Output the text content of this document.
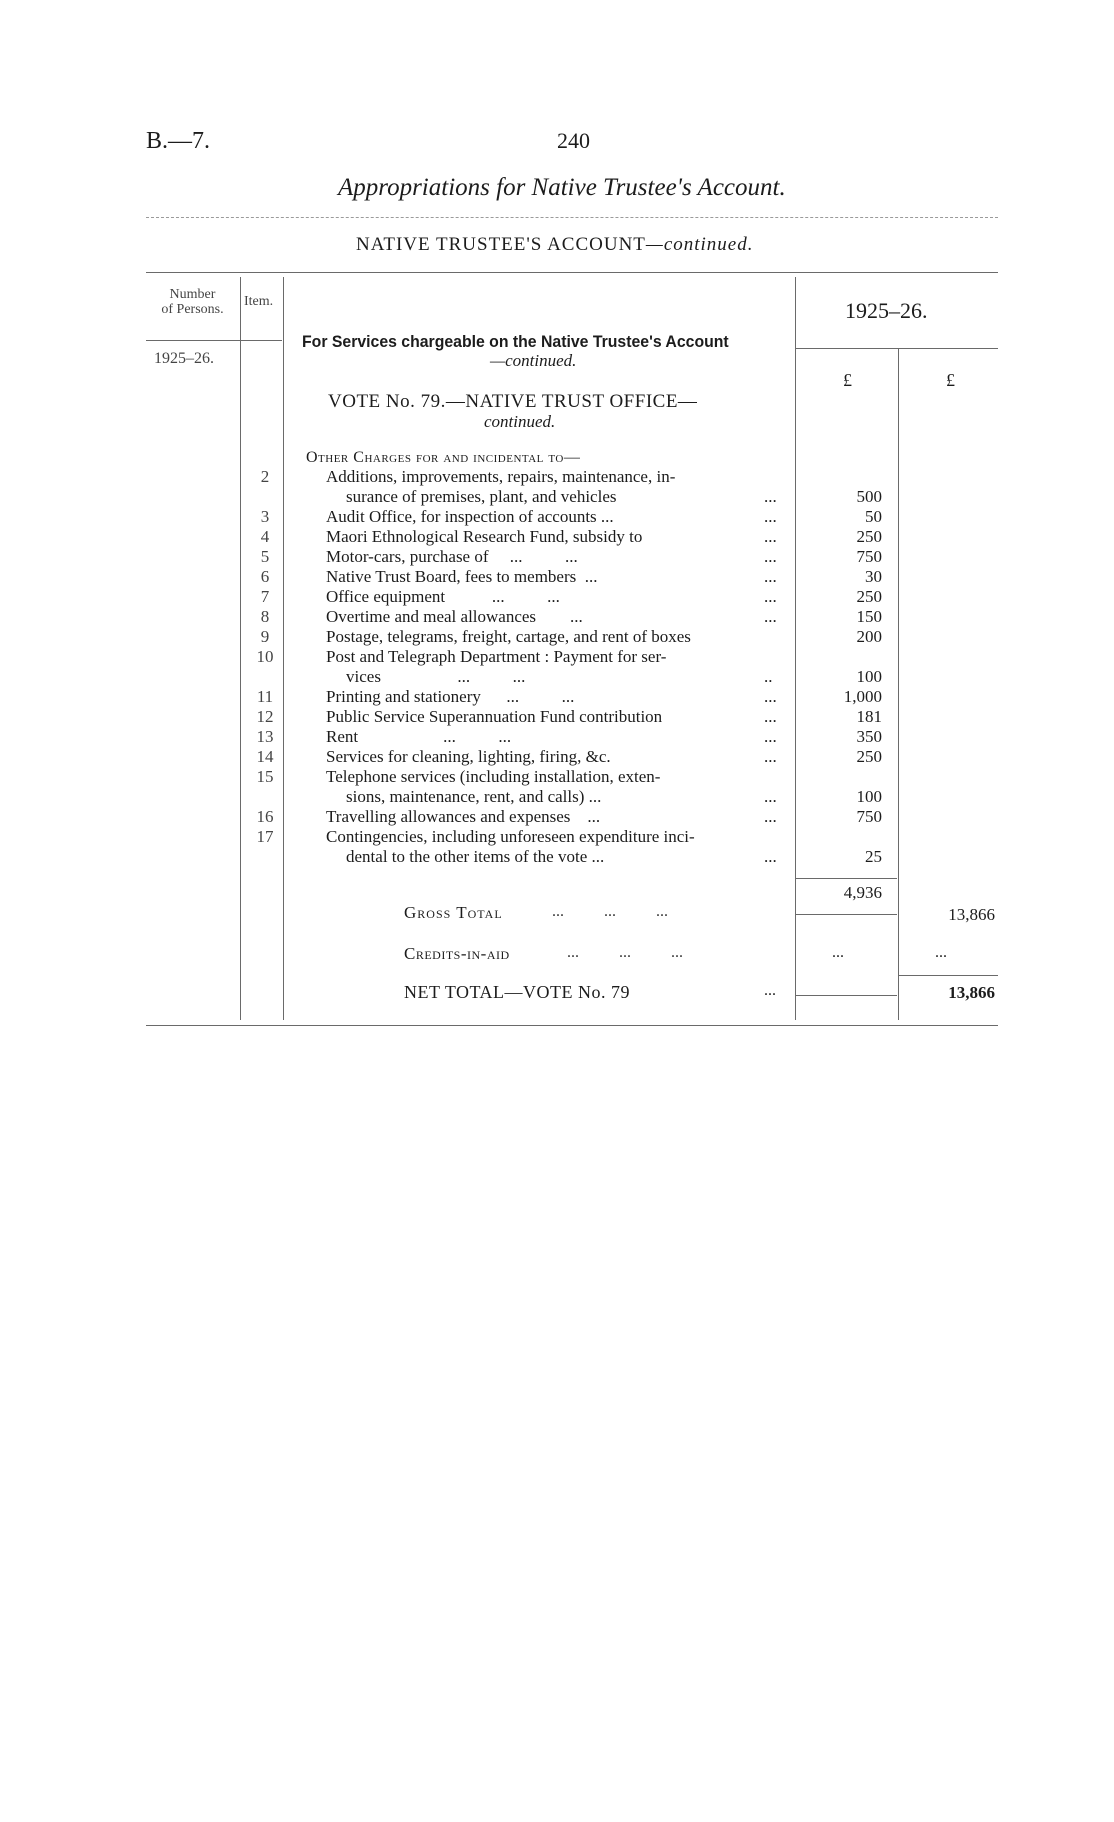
B.—7.	240
Appropriations for Native Trustee's Account.
NATIVE TRUSTEE'S ACCOUNT—continued.
Number
of Persons.
Item.
1925–26.
1925–26.
£	£
For Services chargeable on the Native Trustee's Account
—continued.
VOTE No. 79.—NATIVE TRUST OFFICE—
continued.
Other Charges for and incidental to—
2	Additions, improvements, repairs, maintenance, in-
surance of premises, plant, and vehicles	...	500
3	Audit Office, for inspection of accounts ...	...	50
4	Maori Ethnological Research Fund, subsidy to	...	250
5	Motor-cars, purchase of     ...          ...	...	750
6	Native Trust Board, fees to members  ...	...	30
7	Office equipment           ...          ...	...	250
8	Overtime and meal allowances        ...	...	150
9	Postage, telegrams, freight, cartage, and rent of boxes	200
10	Post and Telegraph Department : Payment for ser-
vices                  ...          ...	..	100
11	Printing and stationery      ...          ...	...	1,000
12	Public Service Superannuation Fund contribution	...	181
13	Rent                    ...          ...	...	350
14	Services for cleaning, lighting, firing, &c.	...	250
15	Telephone services (including installation, exten-
sions, maintenance, rent, and calls) ...	...	100
16	Travelling allowances and expenses    ...	...	750
17	Contingencies, including unforeseen expenditure inci-
dental to the other items of the vote ...	...	25
4,936
Gross Total	...          ...          ...	13,866
Credits-in-aid	...          ...          ...	...	...
NET TOTAL—VOTE No. 79	...	13,866
